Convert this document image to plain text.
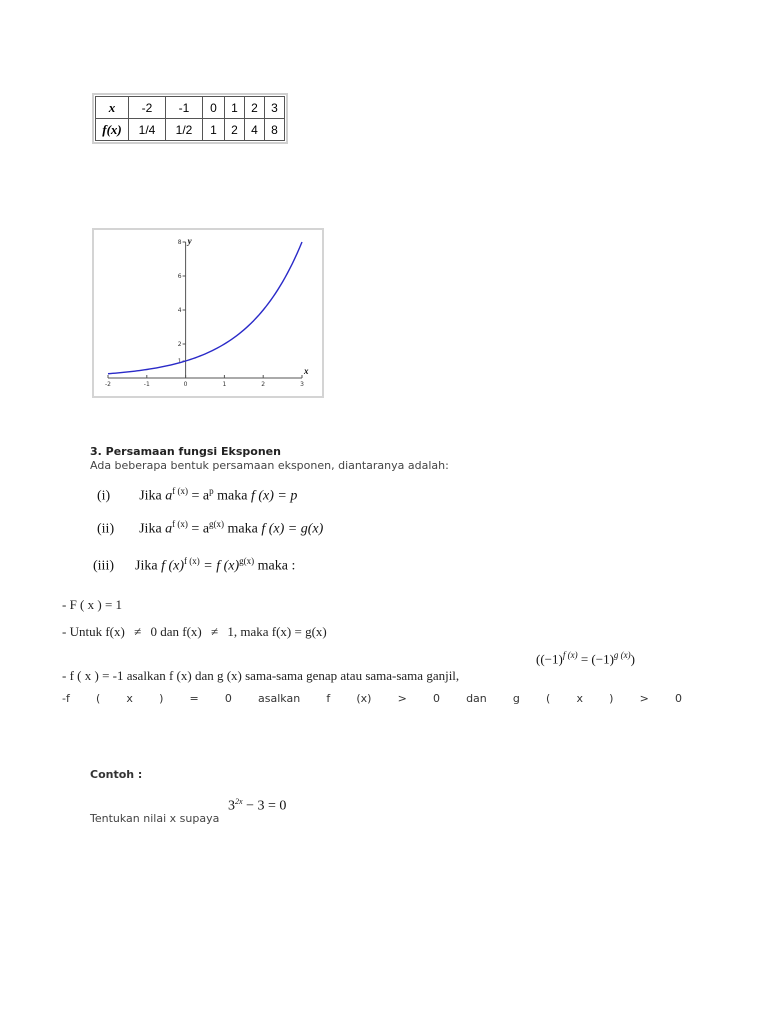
x	-2	-1	0	1	2	3
f(x)	1/4	1/2	1	2	4	8
-2	-1	0	1	2	3
1
2
4
6
8
x
y
3. Persamaan fungsi Eksponen
Ada beberapa bentuk persamaan eksponen, diantaranya adalah:
(i) Jika $a^{f (x)} = a^p$ maka f (x) = p
(ii) Jika $a^{f (x)} = a^{g(x)}$ maka f (x) = g(x)
(iii) Jika f $(x)^{f (x)} = f$ $(x)^{g(x)}$ maka :
- F ( x ) = 1
- Untuk f(x) ≠ 0 dan f(x) ≠ 1, maka f(x) = g(x)
$((-1)^{f (x)} = (-1)^{g (x)})$
- f ( x ) = -1 asalkan f (x) dan g (x) sama-sama genap atau sama-sama ganjil,
-f ( x ) = 0 asalkan f (x) > 0 dan g ( x ) > 0
Contoh :
Tentukan nilai x supaya
$3^{2x} - 3 = 0$
